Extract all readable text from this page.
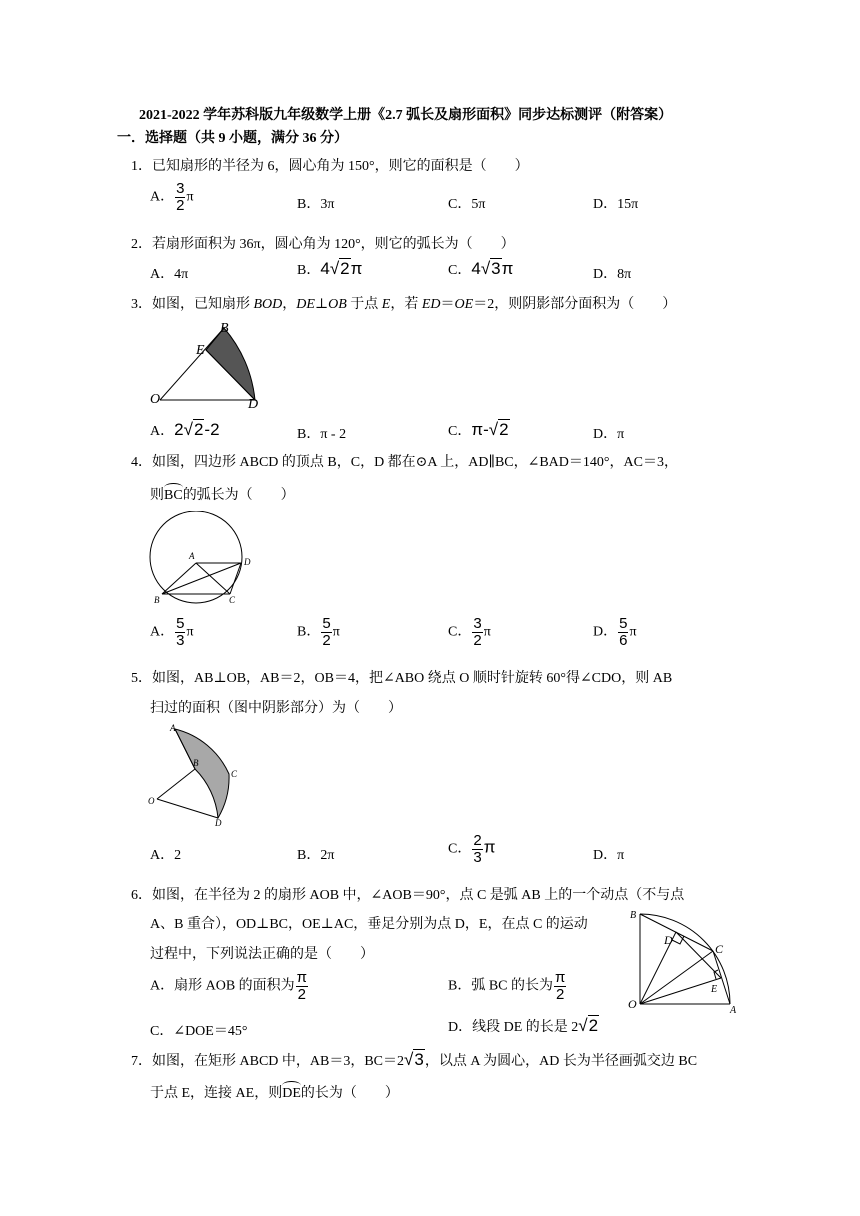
2021-2022 学年苏科版九年级数学上册《2.7 弧长及扇形面积》同步达标测评（附答案）
一．选择题（共 9 小题，满分 36 分）
1．已知扇形的半径为 6，圆心角为 150°，则它的面积是（　　）
A． $\frac{3}{2}$ π	B．3π	C．5π	D．15π
2．若扇形面积为 36π，圆心角为 120°，则它的弧长为（　　）
A．4π	B．4√2π	C．4√3π	D．8π
3．如图，已知扇形 BOD，DE⊥OB 于点 E，若 ED＝OE＝2，则阴影部分面积为（　　）
B
E
O	D
A．2√2-2	B．π - 2	C．π-√2	D．π
4．如图，四边形 ABCD 的顶点 B，C，D 都在⊙A 上，AD∥BC，∠BAD＝140°，AC＝3，
则BC的弧长为（　　）
A
D
B	C
A． $\frac{5}{3}$ π	B． $\frac{5}{2}$ π	C． $\frac{3}{2}$ π	D． $\frac{5}{6}$ π
5．如图，AB⊥OB，AB＝2，OB＝4，把∠ABO 绕点 O 顺时针旋转 60°得∠CDO，则 AB
扫过的面积（图中阴影部分）为（　　）
A
B
C
O
D
A．2	B．2π	C． $\frac{2}{3}$ π	D．π
6．如图，在半径为 2 的扇形 AOB 中，∠AOB＝90°，点 C 是弧 AB 上的一个动点（不与点
A、B 重合），OD⊥BC，OE⊥AC，垂足分别为点 D，E，在点 C 的运动
过程中，下列说法正确的是（　　）
A．扇形 AOB 的面积为 $\frac{\pi}{2}$	B．弧 BC 的长为 $\frac{\pi}{2}$
C．∠DOE＝45°	D．线段 DE 的长是 2√2
B
D
C
E
O	A
7．如图，在矩形 ABCD 中，AB＝3，BC＝2√3，以点 A 为圆心，AD 长为半径画弧交边 BC
于点 E，连接 AE，则DE的长为（　　）
